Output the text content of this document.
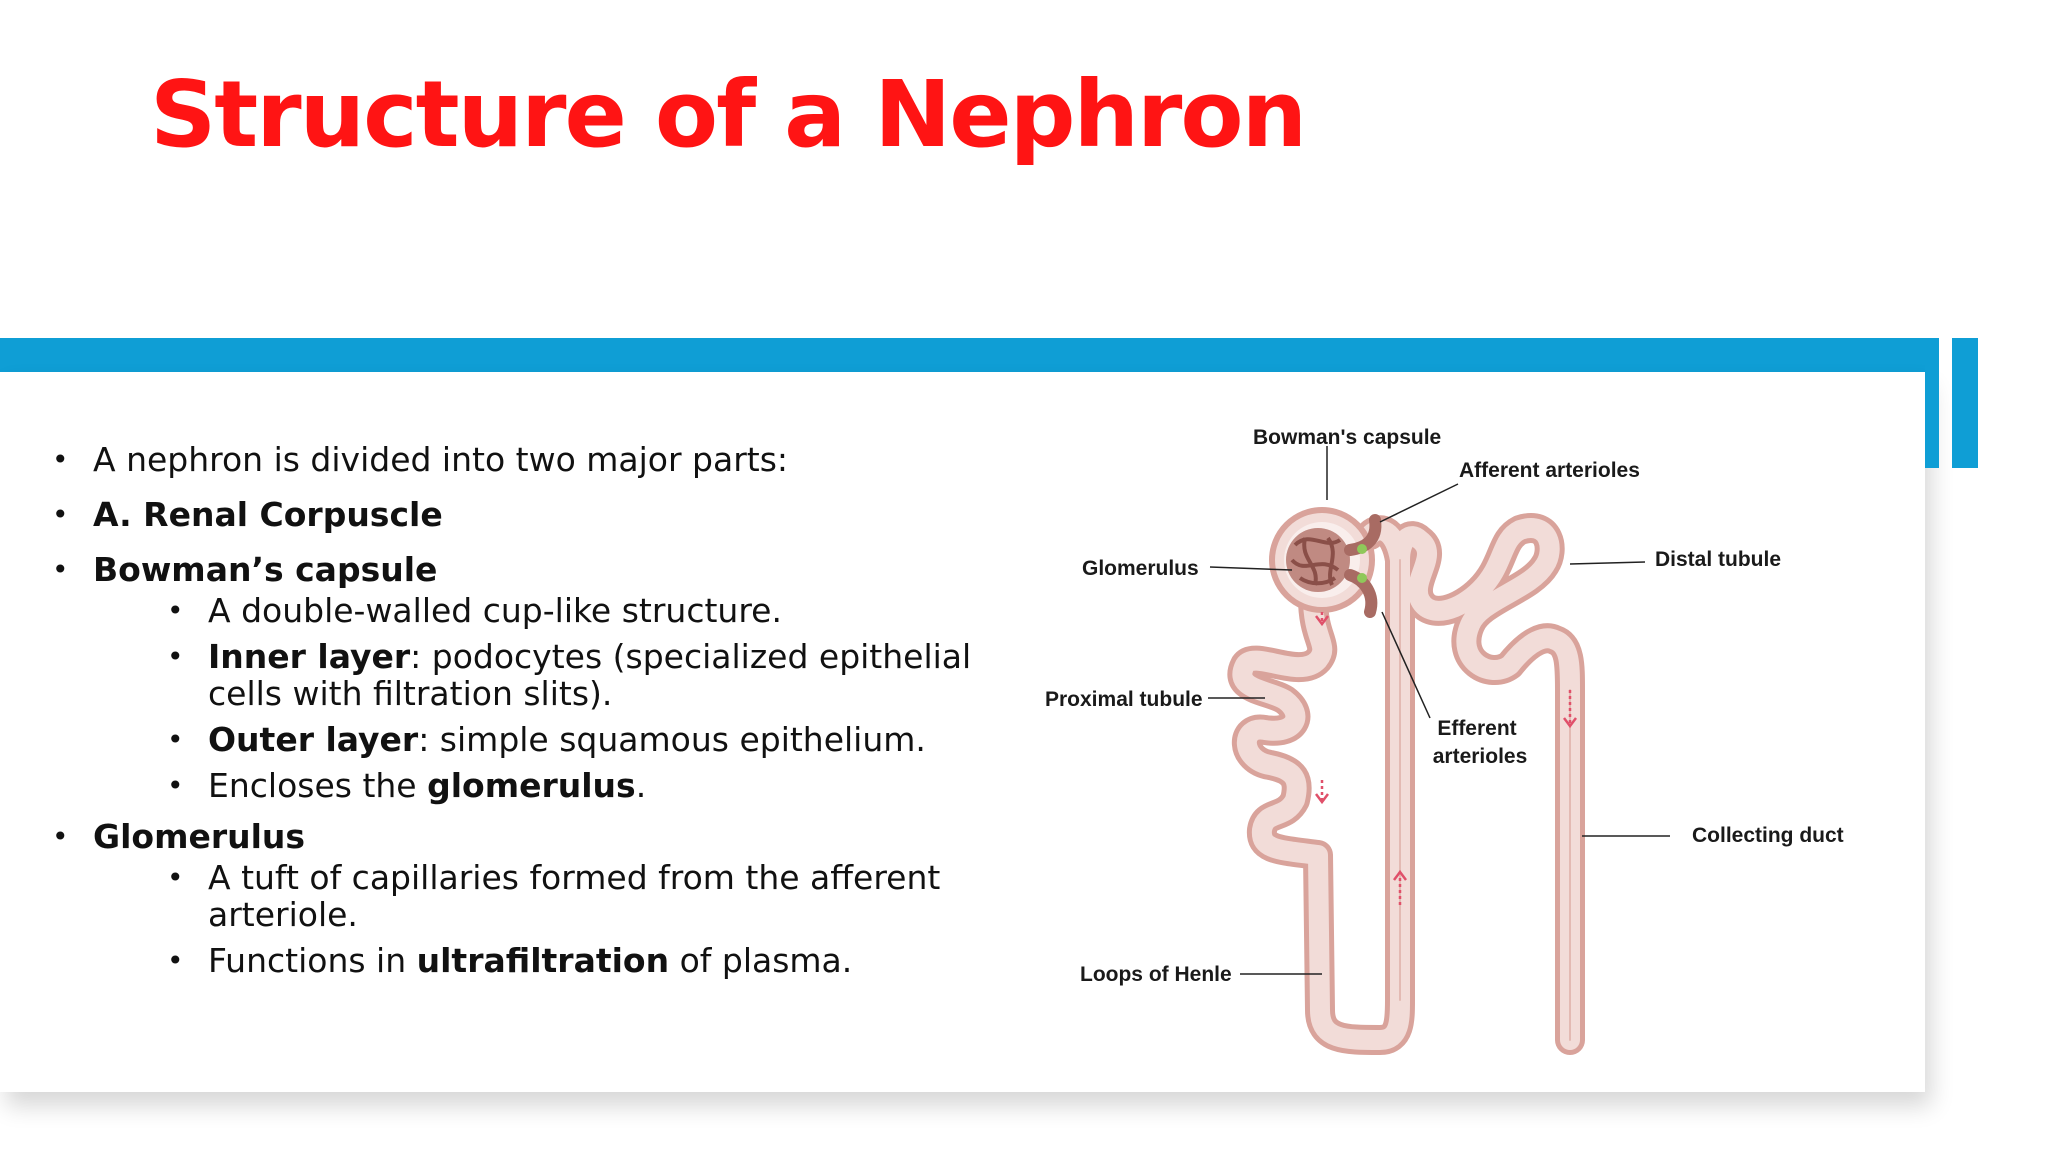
Structure of a Nephron
• A nephron is divided into two major parts:
• A. Renal Corpuscle
• Bowman’s capsule
• A double-walled cup-like structure.
• Inner layer: podocytes (specialized epithelial cells with filtration slits).
• Outer layer: simple squamous epithelium.
• Encloses the glomerulus.
• Glomerulus
• A tuft of capillaries formed from the afferent arteriole.
• Functions in ultrafiltration of plasma.
Bowman's capsule
Afferent arterioles
Glomerulus	Distal tubule
Proximal tubule
Efferent
arterioles
Collecting duct
Loops of Henle
